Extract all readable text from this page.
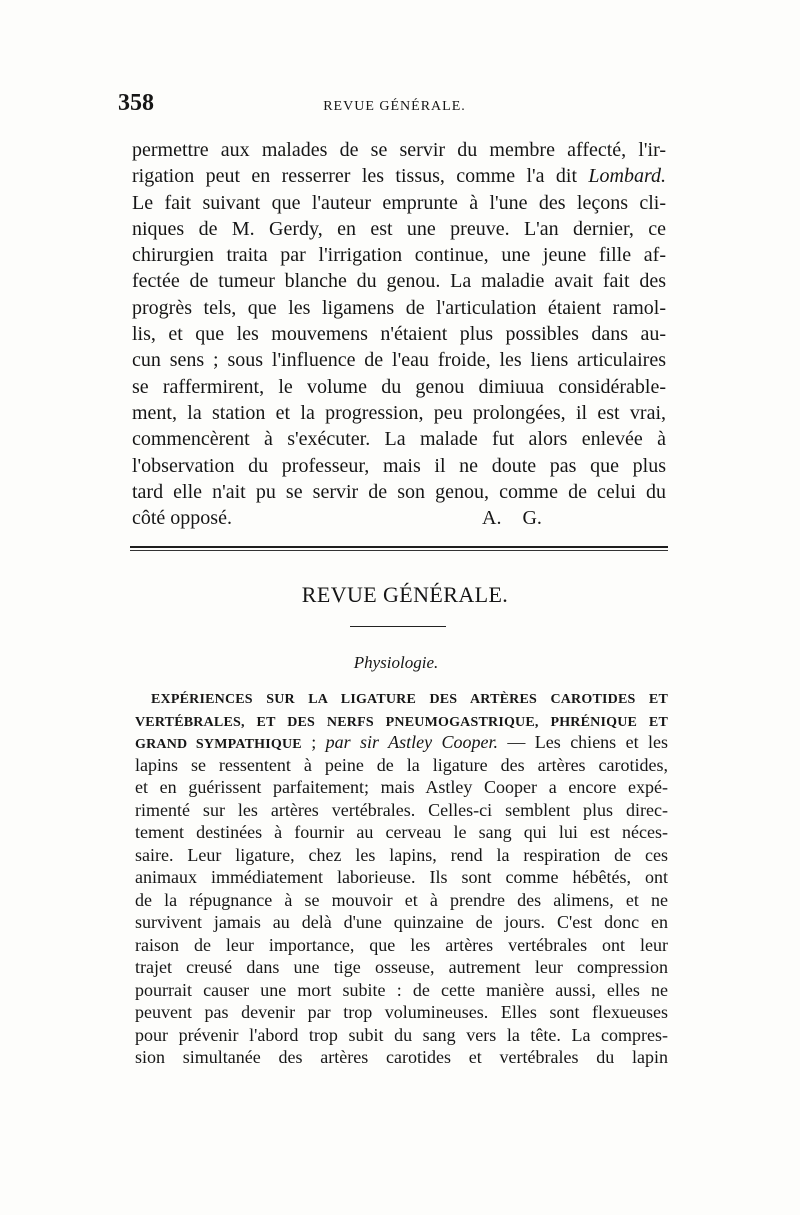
358	REVUE GÉNÉRALE.
permettre aux malades de se servir du membre affecté, l'ir-
rigation peut en resserrer les tissus, comme l'a dit Lombard.
Le fait suivant que l'auteur emprunte à l'une des leçons cli-
niques de M. Gerdy, en est une preuve. L'an dernier, ce
chirurgien traita par l'irrigation continue, une jeune fille af-
fectée de tumeur blanche du genou. La maladie avait fait des
progrès tels, que les ligamens de l'articulation étaient ramol-
lis, et que les mouvemens n'étaient plus possibles dans au-
cun sens ; sous l'influence de l'eau froide, les liens articulaires
se raffermirent, le volume du genou dimiuua considérable-
ment, la station et la progression, peu prolongées, il est vrai,
commencèrent à s'exécuter. La malade fut alors enlevée à
l'observation du professeur, mais il ne doute pas que plus
tard elle n'ait pu se servir de son genou, comme de celui du
côté opposé.	A. G.
REVUE GÉNÉRALE.
Physiologie.
EXPÉRIENCES SUR LA LIGATURE DES ARTÈRES CAROTIDES ET
VERTÉBRALES, ET DES NERFS PNEUMOGASTRIQUE, PHRÉNIQUE ET
GRAND SYMPATHIQUE ; par sir Astley Cooper. — Les chiens et les
lapins se ressentent à peine de la ligature des artères carotides,
et en guérissent parfaitement; mais Astley Cooper a encore expé-
rimenté sur les artères vertébrales. Celles-ci semblent plus direc-
tement destinées à fournir au cerveau le sang qui lui est néces-
saire. Leur ligature, chez les lapins, rend la respiration de ces
animaux immédiatement laborieuse. Ils sont comme hébêtés, ont
de la répugnance à se mouvoir et à prendre des alimens, et ne
survivent jamais au delà d'une quinzaine de jours. C'est donc en
raison de leur importance, que les artères vertébrales ont leur
trajet creusé dans une tige osseuse, autrement leur compression
pourrait causer une mort subite : de cette manière aussi, elles ne
peuvent pas devenir par trop volumineuses. Elles sont flexueuses
pour prévenir l'abord trop subit du sang vers la tête. La compres-
sion simultanée des artères carotides et vertébrales du lapin
